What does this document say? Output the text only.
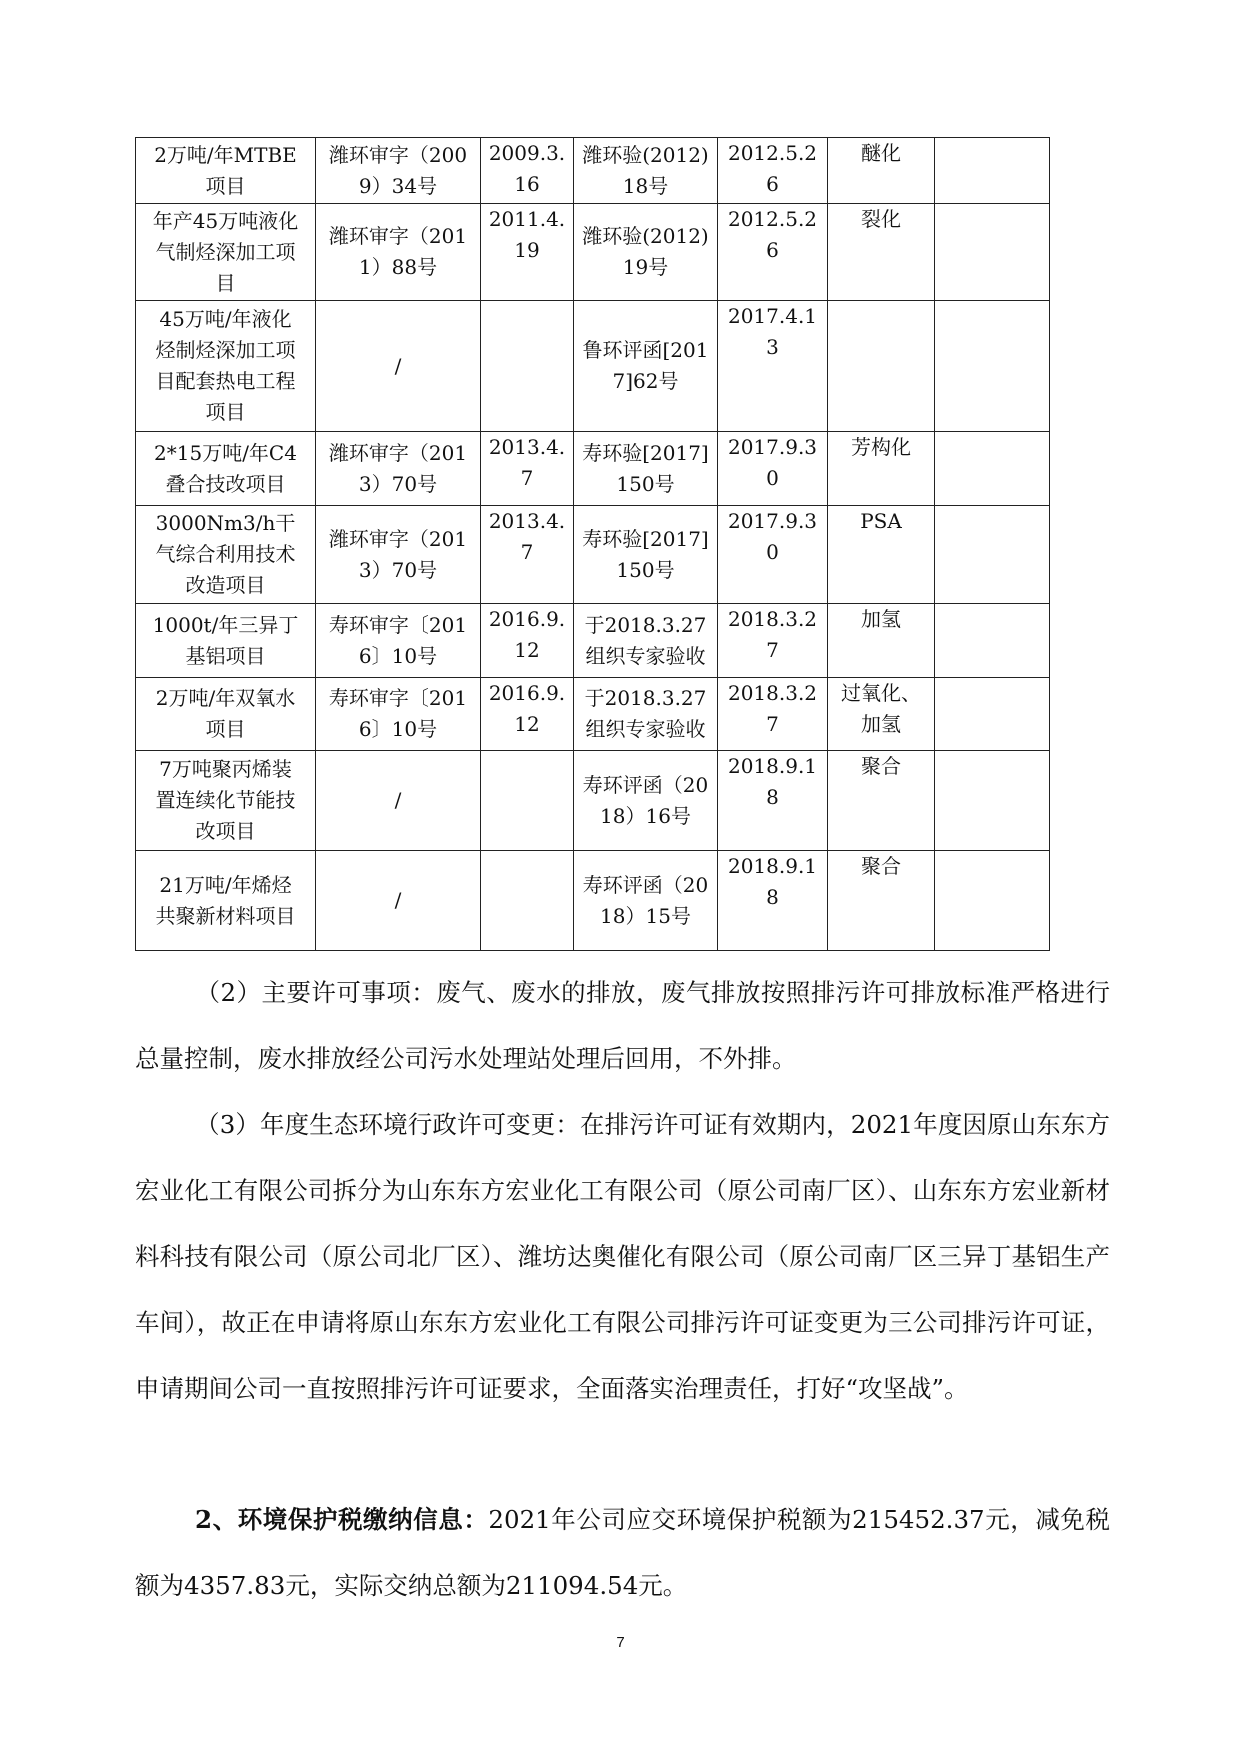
2万吨/年MTBE项目	潍环审字（2009）34号	2009.3.16	潍环验(2012)18号	2012.5.26	醚化	
年产45万吨液化气制烃深加工项目	潍环审字（2011）88号	2011.4.19	潍环验(2012)19号	2012.5.26	裂化	
45万吨/年液化烃制烃深加工项目配套热电工程项目	/		鲁环评函[2017]62号	2017.4.13		
2*15万吨/年C4叠合技改项目	潍环审字（2013）70号	2013.4.7	寿环验[2017]150号	2017.9.30	芳构化	
3000Nm3/h干气综合利用技术改造项目	潍环审字（2013）70号	2013.4.7	寿环验[2017]150号	2017.9.30	PSA	
1000t/年三异丁基铝项目	寿环审字〔2016〕10号	2016.9.12	于2018.3.27组织专家验收	2018.3.27	加氢	
2万吨/年双氧水项目	寿环审字〔2016〕10号	2016.9.12	于2018.3.27组织专家验收	2018.3.27	过氧化、加氢	
7万吨聚丙烯装置连续化节能技改项目	/		寿环评函（2018）16号	2018.9.18	聚合	
21万吨/年烯烃共聚新材料项目	/		寿环评函（2018）15号	2018.9.18	聚合	

（2）主要许可事项：废气、废水的排放，废气排放按照排污许可排放标准严格进行总量控制，废水排放经公司污水处理站处理后回用，不外排。

（3）年度生态环境行政许可变更：在排污许可证有效期内，2021年度因原山东东方宏业化工有限公司拆分为山东东方宏业化工有限公司（原公司南厂区）、山东东方宏业新材料科技有限公司（原公司北厂区）、潍坊达奥催化有限公司（原公司南厂区三异丁基铝生产车间），故正在申请将原山东东方宏业化工有限公司排污许可证变更为三公司排污许可证，申请期间公司一直按照排污许可证要求，全面落实治理责任，打好“攻坚战”。

2、环境保护税缴纳信息：2021年公司应交环境保护税额为215452.37元，减免税额为4357.83元，实际交纳总额为211094.54元。

7
